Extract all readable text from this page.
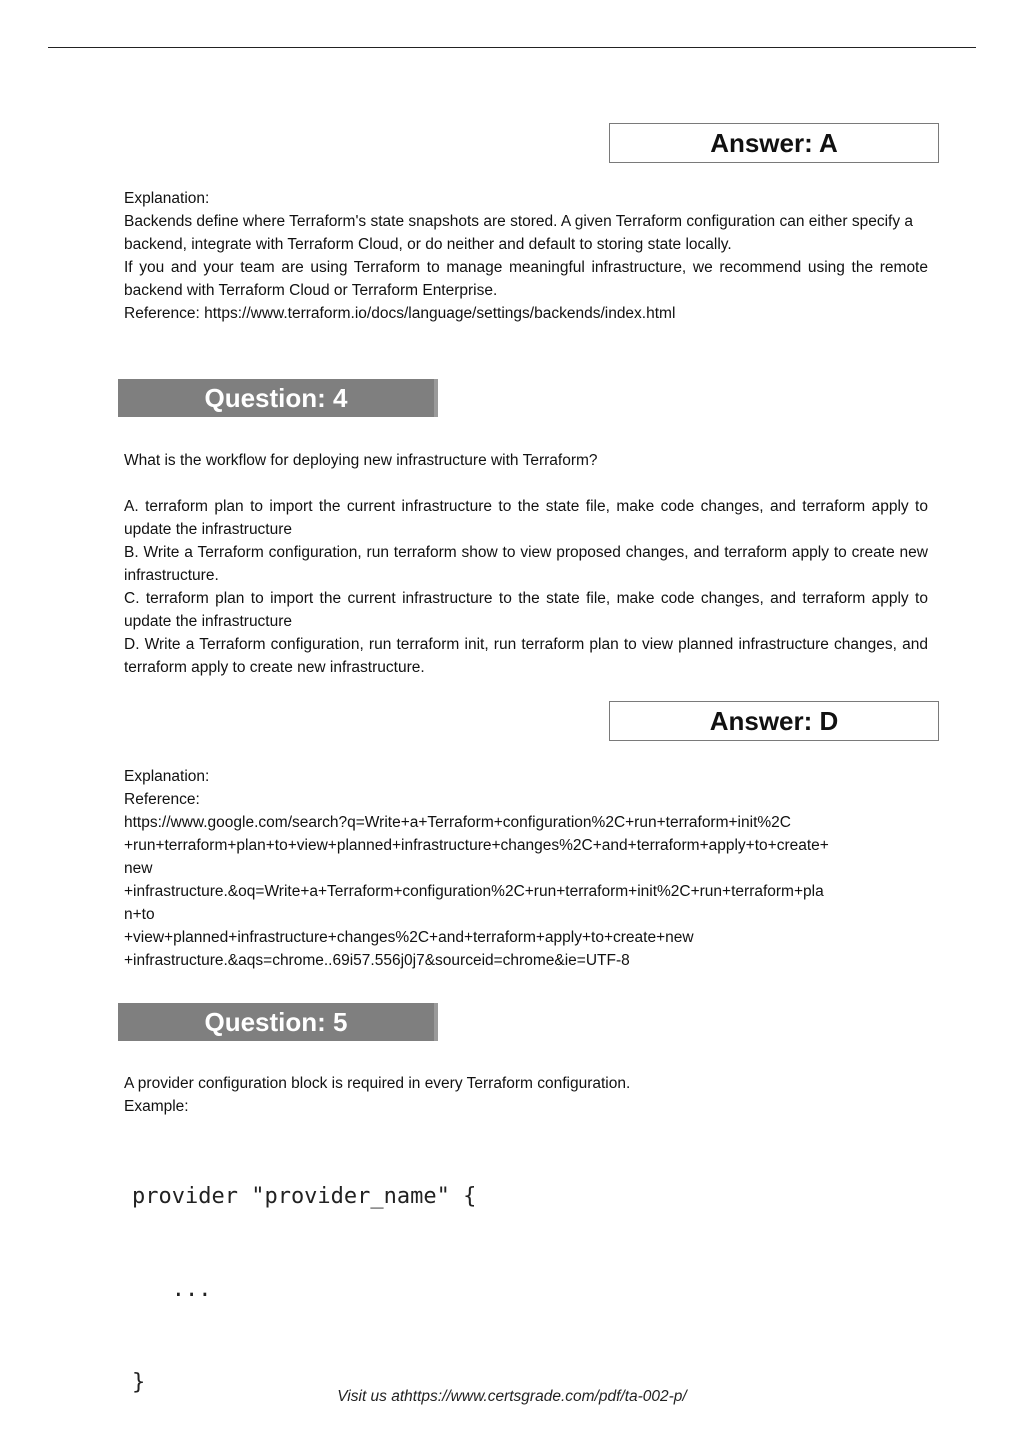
Answer: A
Explanation:
Backends define where Terraform's state snapshots are stored. A given Terraform configuration can either specify a backend, integrate with Terraform Cloud, or do neither and default to storing state locally.
If you and your team are using Terraform to manage meaningful infrastructure, we recommend using the remote backend with Terraform Cloud or Terraform Enterprise.
Reference: https://www.terraform.io/docs/language/settings/backends/index.html
Question: 4
What is the workflow for deploying new infrastructure with Terraform?
A. terraform plan to import the current infrastructure to the state file, make code changes, and terraform apply to update the infrastructure
B. Write a Terraform configuration, run terraform show to view proposed changes, and terraform apply to create new infrastructure.
C. terraform plan to import the current infrastructure to the state file, make code changes, and terraform apply to update the infrastructure
D. Write a Terraform configuration, run terraform init, run terraform plan to view planned infrastructure changes, and terraform apply to create new infrastructure.
Answer: D
Explanation:
Reference:
https://www.google.com/search?q=Write+a+Terraform+configuration%2C+run+terraform+init%2C
+run+terraform+plan+to+view+planned+infrastructure+changes%2C+and+terraform+apply+to+create+
new
+infrastructure.&oq=Write+a+Terraform+configuration%2C+run+terraform+init%2C+run+terraform+pla
n+to
+view+planned+infrastructure+changes%2C+and+terraform+apply+to+create+new
+infrastructure.&aqs=chrome..69i57.556j0j7&sourceid=chrome&ie=UTF-8
Question: 5
A provider configuration block is required in every Terraform configuration.
Example:

provider "provider_name" {

...

}

Visit us athttps://www.certsgrade.com/pdf/ta-002-p/
